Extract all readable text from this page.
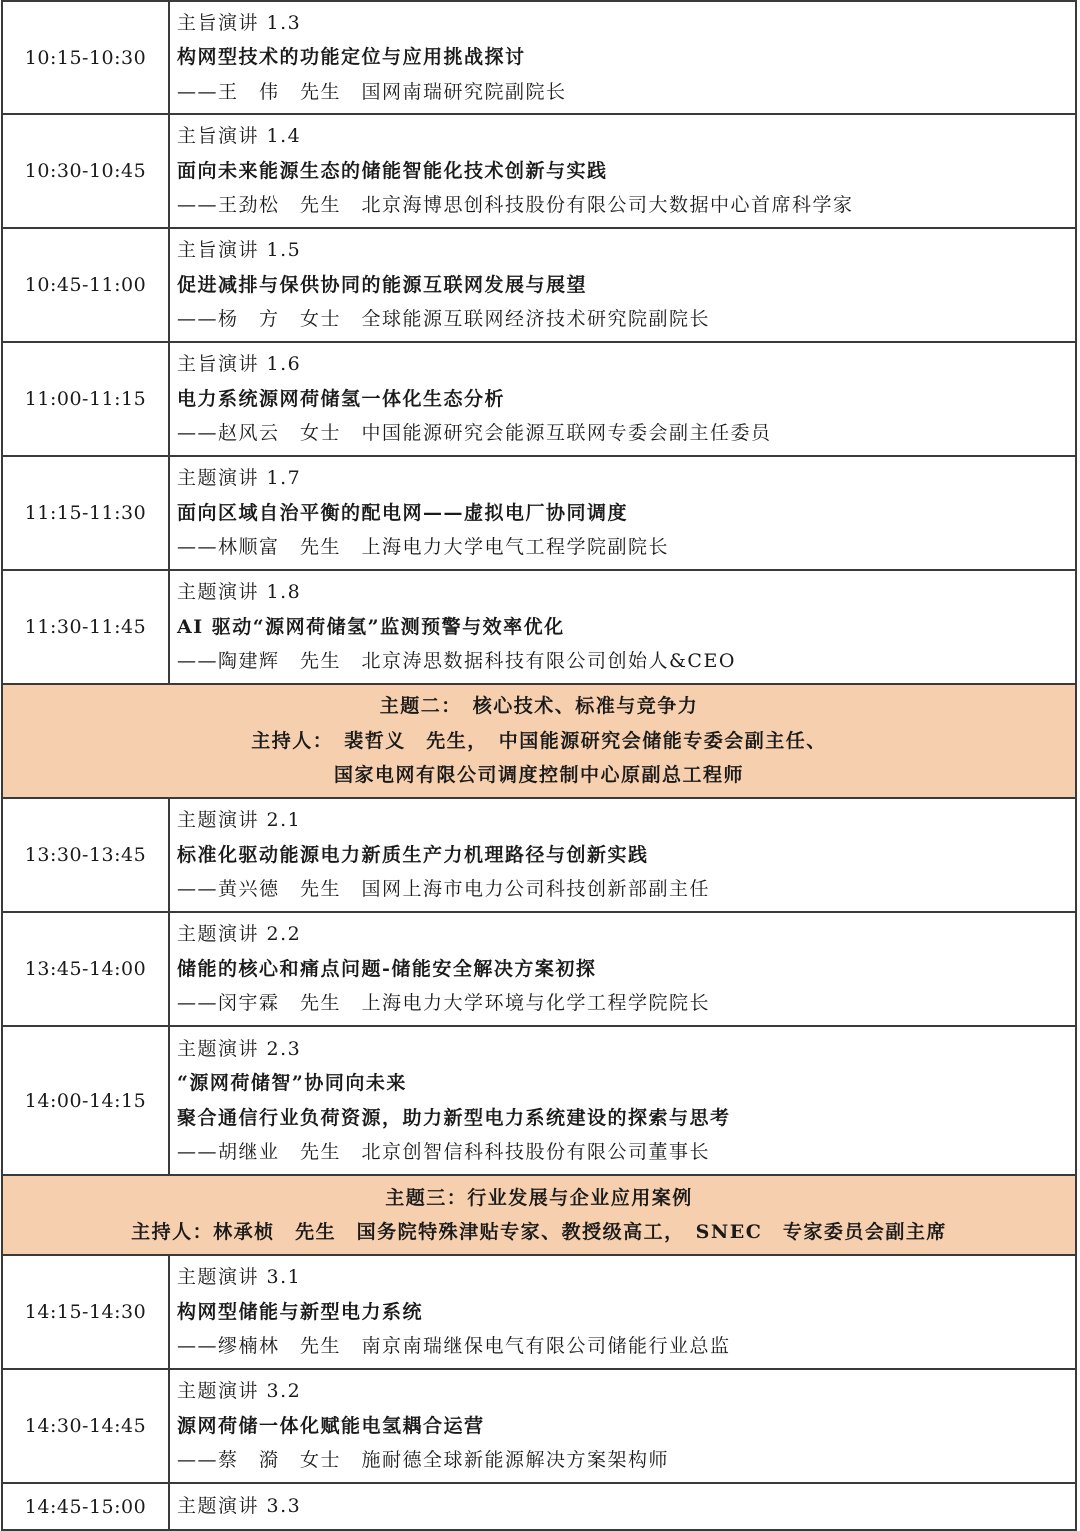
10:15-10:30
主旨演讲 1.3
构网型技术的功能定位与应用挑战探讨
——王　伟　先生　国网南瑞研究院副院长
10:30-10:45
主旨演讲 1.4
面向未来能源生态的储能智能化技术创新与实践
——王劲松　先生　北京海博思创科技股份有限公司大数据中心首席科学家
10:45-11:00
主旨演讲 1.5
促进减排与保供协同的能源互联网发展与展望
——杨　方　女士　全球能源互联网经济技术研究院副院长
11:00-11:15
主旨演讲 1.6
电力系统源网荷储氢一体化生态分析
——赵风云　女士　中国能源研究会能源互联网专委会副主任委员
11:15-11:30
主题演讲 1.7
面向区域自治平衡的配电网——虚拟电厂协同调度
——林顺富　先生　上海电力大学电气工程学院副院长
11:30-11:45
主题演讲 1.8
AI 驱动“源网荷储氢”监测预警与效率优化
——陶建辉　先生　北京涛思数据科技有限公司创始人&CEO
主题二：　核心技术、标准与竞争力
主持人：　裴哲义　先生，　中国能源研究会储能专委会副主任、
国家电网有限公司调度控制中心原副总工程师
13:30-13:45
主题演讲 2.1
标准化驱动能源电力新质生产力机理路径与创新实践
——黄兴德　先生　国网上海市电力公司科技创新部副主任
13:45-14:00
主题演讲 2.2
储能的核心和痛点问题-储能安全解决方案初探
——闵宇霖　先生　上海电力大学环境与化学工程学院院长
14:00-14:15
主题演讲 2.3
“源网荷储智”协同向未来
聚合通信行业负荷资源，助力新型电力系统建设的探索与思考
——胡继业　先生　北京创智信科科技股份有限公司董事长
主题三：行业发展与企业应用案例
主持人：林承桢　先生　国务院特殊津贴专家、教授级高工，　SNEC　专家委员会副主席
14:15-14:30
主题演讲 3.1
构网型储能与新型电力系统
——缪楠林　先生　南京南瑞继保电气有限公司储能行业总监
14:30-14:45
主题演讲 3.2
源网荷储一体化赋能电氢耦合运营
——蔡　漪　女士　施耐德全球新能源解决方案架构师
14:45-15:00	主题演讲 3.3
